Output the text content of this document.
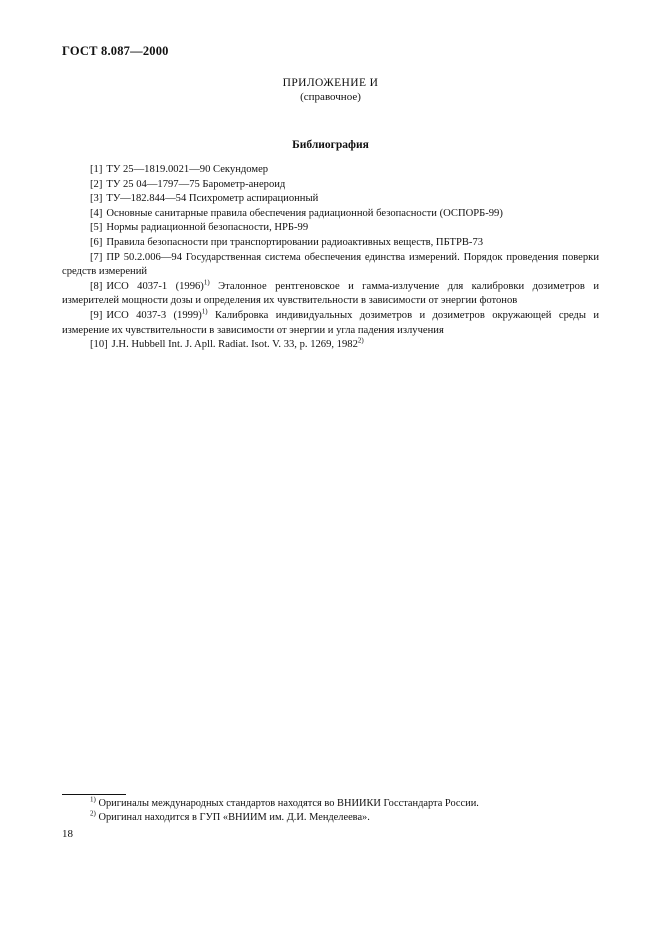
ГОСТ 8.087—2000
ПРИЛОЖЕНИЕ И
(справочное)
Библиография
[1] ТУ 25—1819.0021—90 Секундомер
[2] ТУ 25 04—1797—75 Барометр-анероид
[3] ТУ—182.844—54 Психрометр аспирационный
[4] Основные санитарные правила обеспечения радиационной безопасности (ОСПОРБ-99)
[5] Нормы радиационной безопасности, НРБ-99
[6] Правила безопасности при транспортировании радиоактивных веществ, ПБТРВ-73
[7] ПР 50.2.006—94 Государственная система обеспечения единства измерений. Порядок проведения поверки средств измерений
[8] ИСО 4037-1 $(1996)^{1)}$ Эталонное рентгеновское и гамма-излучение для калибровки дозиметров и измерителей мощности дозы и определения их чувствительности в зависимости от энергии фотонов
[9] ИСО 4037-3 $(1999)^{1)}$ Калибровка индивидуальных дозиметров и дозиметров окружающей среды и измерение их чувствительности в зависимости от энергии и угла падения излучения
[10] J.H. Hubbell Int. J. Apll. Radiat. Isot. V. 33, p. 1269, 1982$^{2)}$
$^{1)}$ Оригиналы международных стандартов находятся во ВНИИКИ Госстандарта России.
$^{2)}$ Оригинал находится в ГУП «ВНИИМ им. Д.И. Менделеева».
18
